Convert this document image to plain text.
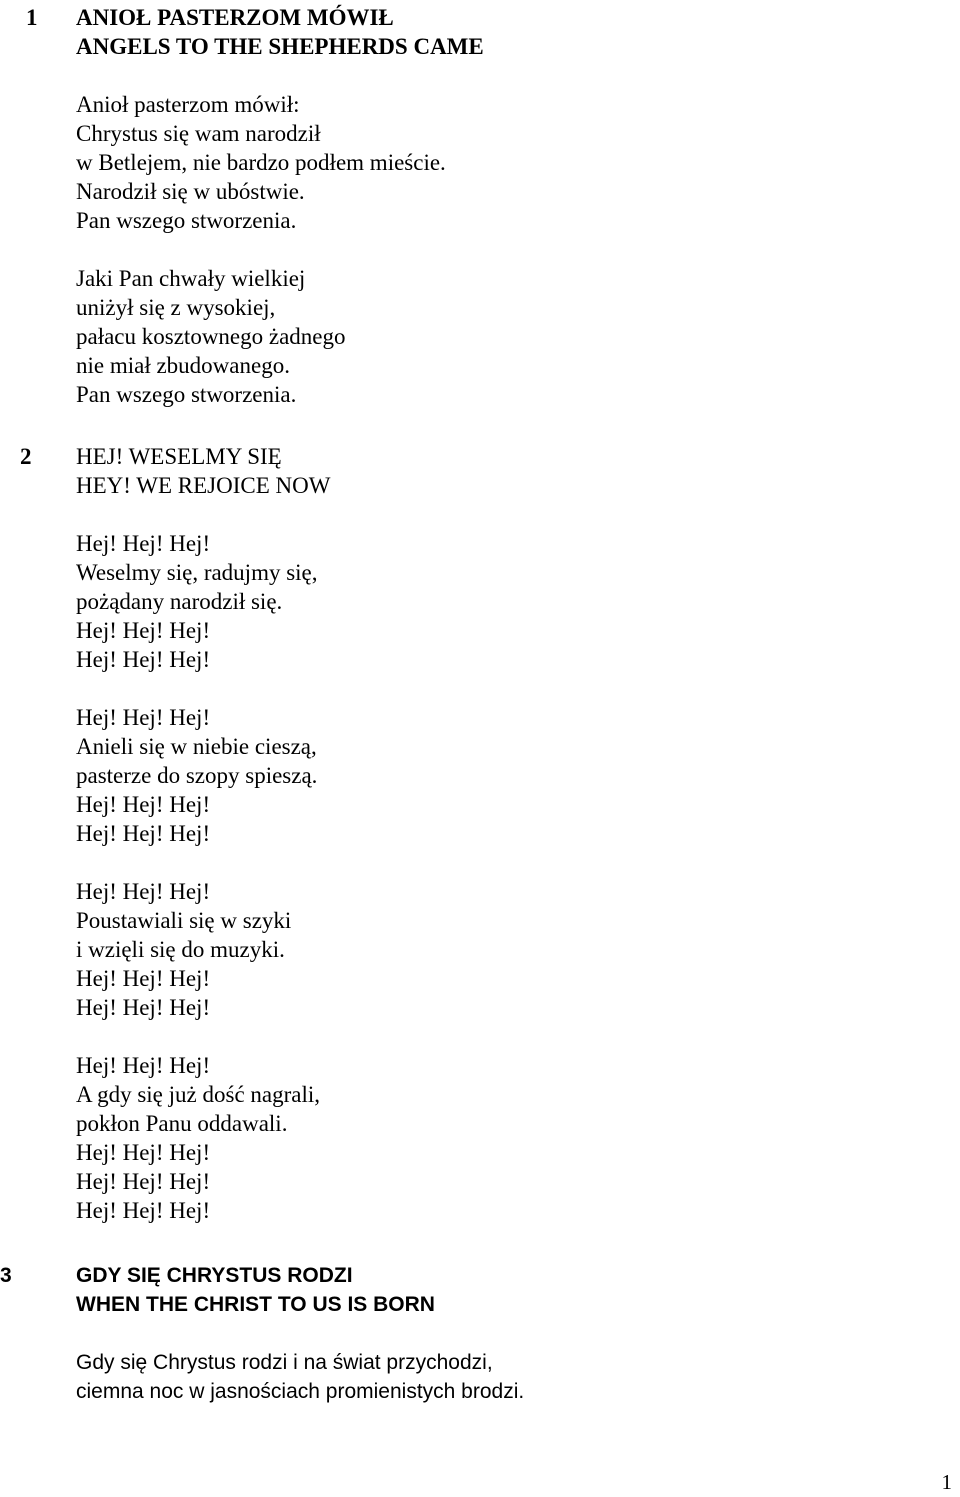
1 ANIOŁ PASTERZOM MÓWIŁ
ANGELS TO THE SHEPHERDS CAME
Anioł pasterzom mówił:
Chrystus się wam narodził
w Betlejem, nie bardzo podłem mieście.
Narodził się w ubóstwie.
Pan wszego stworzenia.
Jaki Pan chwały wielkiej
uniżył się z wysokiej,
pałacu kosztownego żadnego
nie miał zbudowanego.
Pan wszego stworzenia.
2 HEJ! WESELMY SIĘ
HEY! WE REJOICE NOW
Hej! Hej! Hej!
Weselmy się, radujmy się,
pożądany narodził się.
Hej! Hej! Hej!
Hej! Hej! Hej!
Hej! Hej! Hej!
Anieli się w niebie cieszą,
pasterze do szopy spieszą.
Hej! Hej! Hej!
Hej! Hej! Hej!
Hej! Hej! Hej!
Poustawiali się w szyki
i wzięli się do muzyki.
Hej! Hej! Hej!
Hej! Hej! Hej!
Hej! Hej! Hej!
A gdy się już dość nagrali,
pokłon Panu oddawali.
Hej! Hej! Hej!
Hej! Hej! Hej!
Hej! Hej! Hej!
3	GDY SIĘ CHRYSTUS RODZI
WHEN THE CHRIST TO US IS BORN
Gdy się Chrystus rodzi i na świat przychodzi,
ciemna noc w jasnościach promienistych brodzi.
1
